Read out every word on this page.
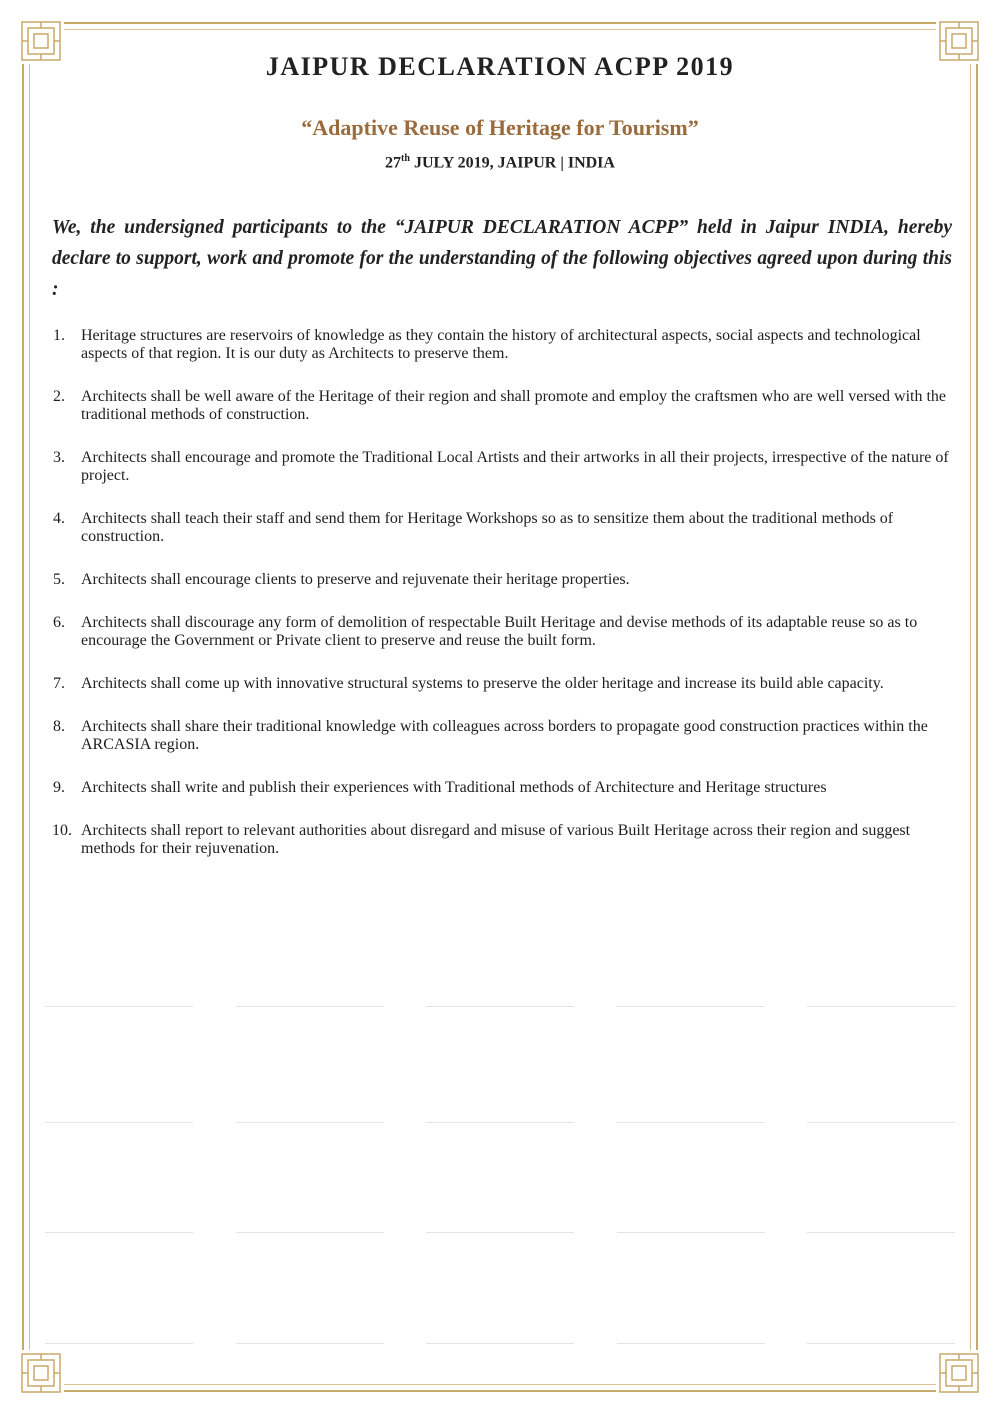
JAIPUR DECLARATION ACPP 2019
“Adaptive Reuse of Heritage for Tourism”
27th JULY 2019, JAIPUR | INDIA
We, the undersigned participants to the “JAIPUR DECLARATION ACPP” held in Jaipur INDIA, hereby declare to support, work and promote for the understanding of the following objectives agreed upon during this :
1. Heritage structures are reservoirs of knowledge as they contain the history of architectural aspects, social aspects and technological aspects of that region. It is our duty as Architects to preserve them.
2. Architects shall be well aware of the Heritage of their region and shall promote and employ the craftsmen who are well versed with the traditional methods of construction.
3. Architects shall encourage and promote the Traditional Local Artists and their artworks in all their projects, irrespective of the nature of project.
4. Architects shall teach their staff and send them for Heritage Workshops so as to sensitize them about the traditional methods of construction.
5. Architects shall encourage clients to preserve and rejuvenate their heritage properties.
6. Architects shall discourage any form of demolition of respectable Built Heritage and devise methods of its adaptable reuse so as to encourage the Government or Private client to preserve and reuse the built form.
7. Architects shall come up with innovative structural systems to preserve the older heritage and increase its build able capacity.
8. Architects shall share their traditional knowledge with colleagues across borders to propagate good construction practices within the ARCASIA region.
9. Architects shall write and publish their experiences with Traditional methods of Architecture and Heritage structures
10. Architects shall report to relevant authorities about disregard and misuse of various Built Heritage across their region and suggest methods for their rejuvenation.
